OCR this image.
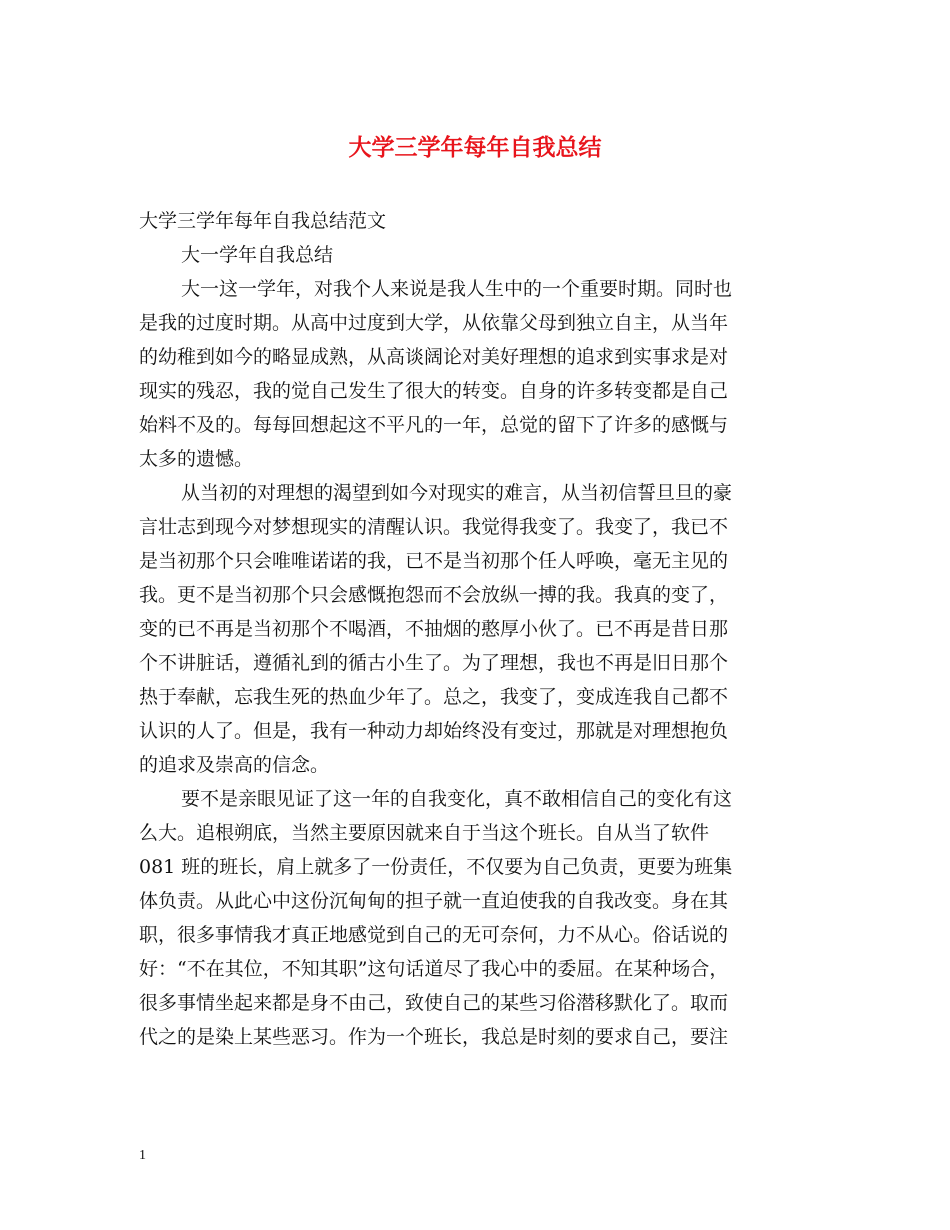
大学三学年每年自我总结
大学三学年每年自我总结范文
大一学年自我总结
大一这一学年，对我个人来说是我人生中的一个重要时期。同时也
是我的过度时期。从高中过度到大学，从依靠父母到独立自主，从当年
的幼稚到如今的略显成熟，从高谈阔论对美好理想的追求到实事求是对
现实的残忍，我的觉自己发生了很大的转变。自身的许多转变都是自己
始料不及的。每每回想起这不平凡的一年，总觉的留下了许多的感慨与
太多的遗憾。
从当初的对理想的渴望到如今对现实的难言，从当初信誓旦旦的豪
言壮志到现今对梦想现实的清醒认识。我觉得我变了。我变了，我已不
是当初那个只会唯唯诺诺的我，已不是当初那个任人呼唤，毫无主见的
我。更不是当初那个只会感慨抱怨而不会放纵一搏的我。我真的变了，
变的已不再是当初那个不喝酒，不抽烟的憨厚小伙了。已不再是昔日那
个不讲脏话，遵循礼到的循古小生了。为了理想，我也不再是旧日那个
热于奉献，忘我生死的热血少年了。总之，我变了，变成连我自己都不
认识的人了。但是，我有一种动力却始终没有变过，那就是对理想抱负
的追求及崇高的信念。
要不是亲眼见证了这一年的自我变化，真不敢相信自己的变化有这
么大。追根朔底，当然主要原因就来自于当这个班长。自从当了软件
081 班的班长，肩上就多了一份责任，不仅要为自己负责，更要为班集
体负责。从此心中这份沉甸甸的担子就一直迫使我的自我改变。身在其
职，很多事情我才真正地感觉到自己的无可奈何，力不从心。俗话说的
好：“不在其位，不知其职”这句话道尽了我心中的委屈。在某种场合，
很多事情坐起来都是身不由己，致使自己的某些习俗潜移默化了。取而
代之的是染上某些恶习。作为一个班长，我总是时刻的要求自己，要注
1
